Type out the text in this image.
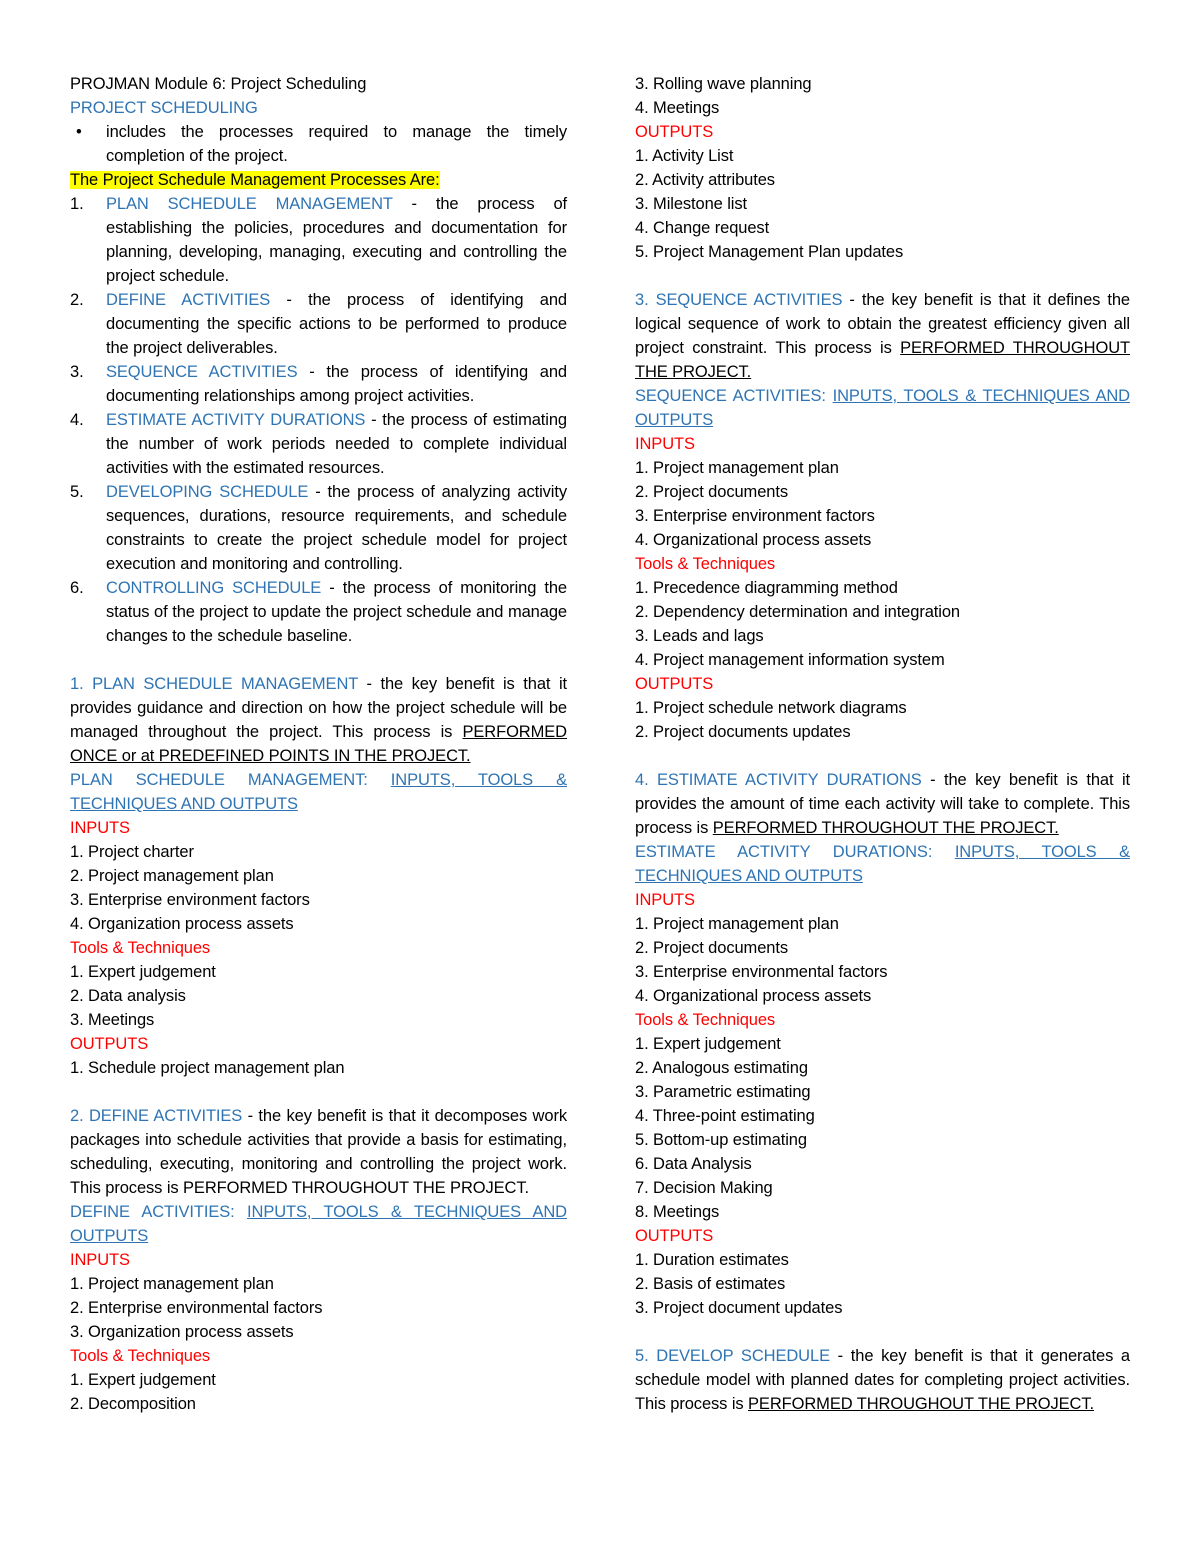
PROJMAN Module 6: Project Scheduling
PROJECT SCHEDULING

• includes the processes required to manage the timely completion of the project.

The Project Schedule Management Processes Are:

1. PLAN SCHEDULE MANAGEMENT - the process of establishing the policies, procedures and documentation for planning, developing, managing, executing and controlling the project schedule.

2. DEFINE ACTIVITIES - the process of identifying and documenting the specific actions to be performed to produce the project deliverables.

3. SEQUENCE ACTIVITIES - the process of identifying and documenting relationships among project activities.

4. ESTIMATE ACTIVITY DURATIONS - the process of estimating the number of work periods needed to complete individual activities with the estimated resources.

5. DEVELOPING SCHEDULE - the process of analyzing activity sequences, durations, resource requirements, and schedule constraints to create the project schedule model for project execution and monitoring and controlling.

6. CONTROLLING SCHEDULE - the process of monitoring the status of the project to update the project schedule and manage changes to the schedule baseline.

1. PLAN SCHEDULE MANAGEMENT - the key benefit is that it provides guidance and direction on how the project schedule will be managed throughout the project. This process is PERFORMED ONCE or at PREDEFINED POINTS IN THE PROJECT.

PLAN SCHEDULE MANAGEMENT: INPUTS, TOOLS & TECHNIQUES AND OUTPUTS

INPUTS
1. Project charter
2. Project management plan
3. Enterprise environment factors
4. Organization process assets
Tools & Techniques
1. Expert judgement
2. Data analysis
3. Meetings
OUTPUTS
1. Schedule project management plan

2. DEFINE ACTIVITIES - the key benefit is that it decomposes work packages into schedule activities that provide a basis for estimating, scheduling, executing, monitoring and controlling the project work. This process is PERFORMED THROUGHOUT THE PROJECT.

DEFINE ACTIVITIES: INPUTS, TOOLS & TECHNIQUES AND OUTPUTS

INPUTS
1. Project management plan
2. Enterprise environmental factors
3. Organization process assets
Tools & Techniques
1. Expert judgement
2. Decomposition
3. Rolling wave planning
4. Meetings
OUTPUTS
1. Activity List
2. Activity attributes
3. Milestone list
4. Change request
5. Project Management Plan updates

3. SEQUENCE ACTIVITIES - the key benefit is that it defines the logical sequence of work to obtain the greatest efficiency given all project constraint. This process is PERFORMED THROUGHOUT THE PROJECT.

SEQUENCE ACTIVITIES: INPUTS, TOOLS & TECHNIQUES AND OUTPUTS

INPUTS
1. Project management plan
2. Project documents
3. Enterprise environment factors
4. Organizational process assets
Tools & Techniques
1. Precedence diagramming method
2. Dependency determination and integration
3. Leads and lags
4. Project management information system
OUTPUTS
1. Project schedule network diagrams
2. Project documents updates

4. ESTIMATE ACTIVITY DURATIONS - the key benefit is that it provides the amount of time each activity will take to complete. This process is PERFORMED THROUGHOUT THE PROJECT.

ESTIMATE ACTIVITY DURATIONS: INPUTS, TOOLS & TECHNIQUES AND OUTPUTS

INPUTS
1. Project management plan
2. Project documents
3. Enterprise environmental factors
4. Organizational process assets
Tools & Techniques
1. Expert judgement
2. Analogous estimating
3. Parametric estimating
4. Three-point estimating
5. Bottom-up estimating
6. Data Analysis
7. Decision Making
8. Meetings
OUTPUTS
1. Duration estimates
2. Basis of estimates
3. Project document updates

5. DEVELOP SCHEDULE - the key benefit is that it generates a schedule model with planned dates for completing project activities. This process is PERFORMED THROUGHOUT THE PROJECT.
